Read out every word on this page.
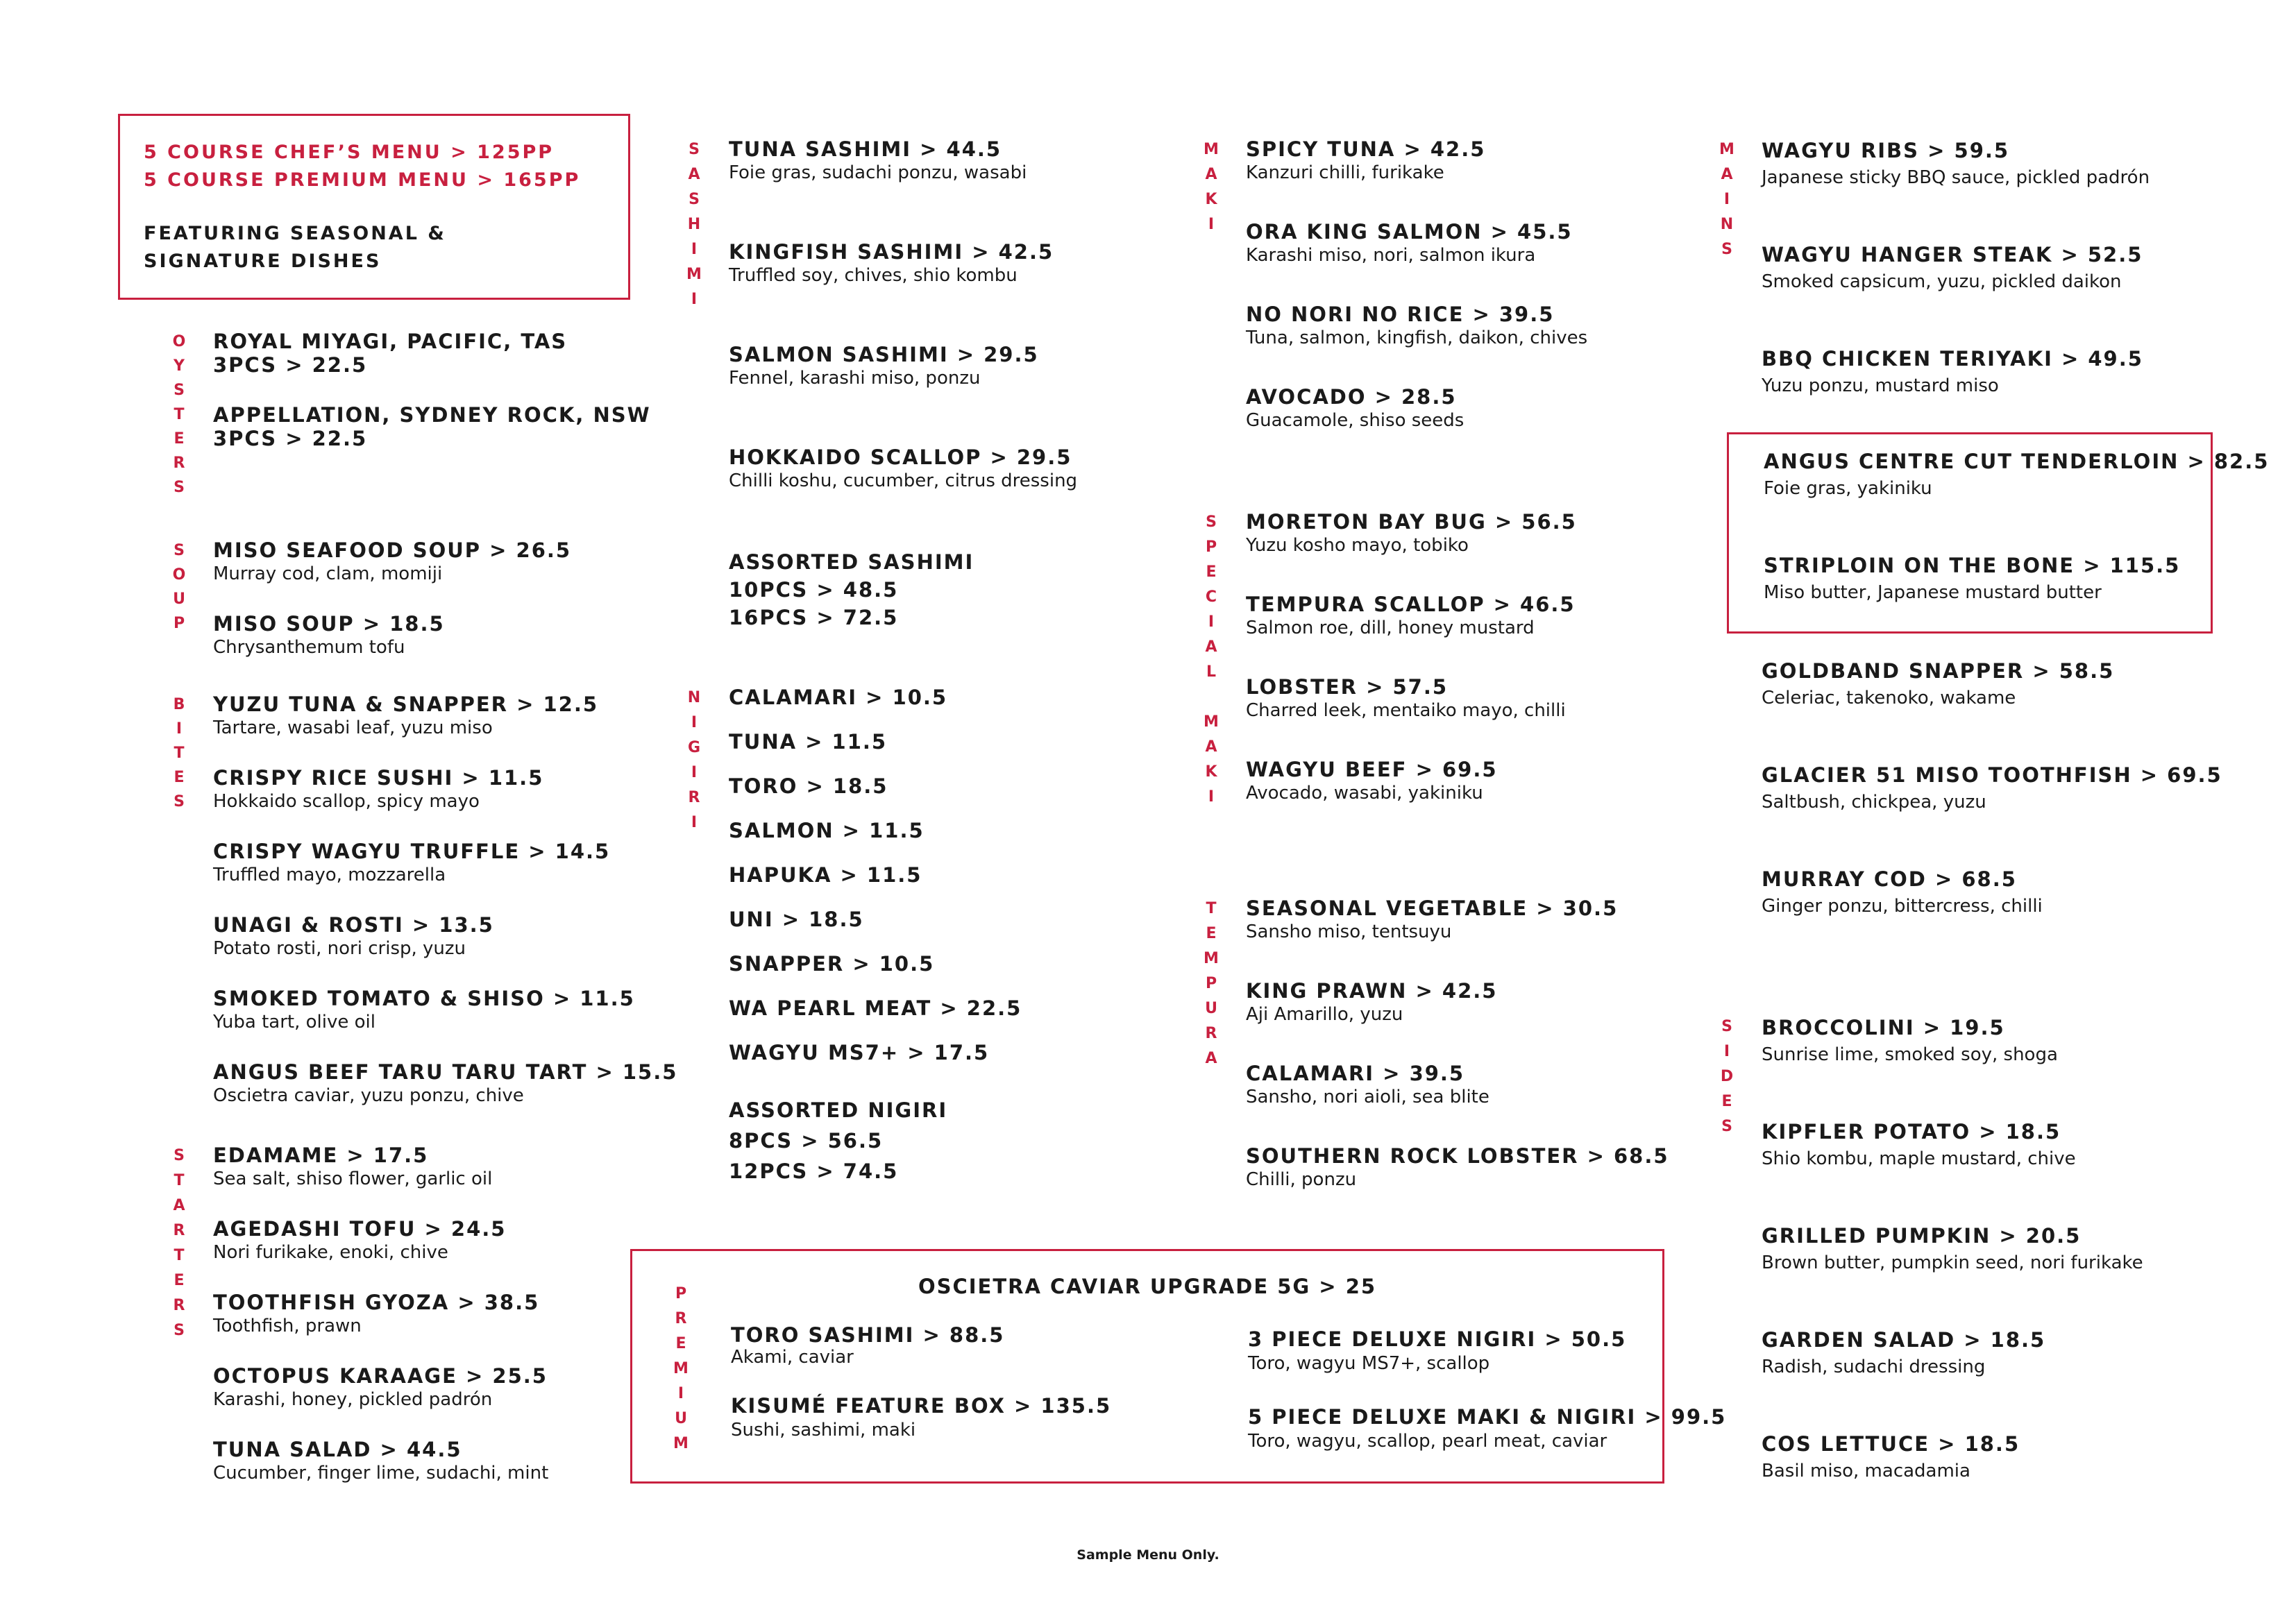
5 COURSE CHEF’S MENU > 125PP
5 COURSE PREMIUM MENU > 165PP
FEATURING SEASONAL &
SIGNATURE DISHES
O
Y
S
T
E
R
S
ROYAL MIYAGI, PACIFIC, TAS
3PCS > 22.5
APPELLATION, SYDNEY ROCK, NSW
3PCS > 22.5
S
O
U
P
MISO SEAFOOD SOUP > 26.5
Murray cod, clam, momiji
MISO SOUP > 18.5
Chrysanthemum tofu
B
I
T
E
S
YUZU TUNA & SNAPPER > 12.5
Tartare, wasabi leaf, yuzu miso
CRISPY RICE SUSHI > 11.5
Hokkaido scallop, spicy mayo
CRISPY WAGYU TRUFFLE > 14.5
Truffled mayo, mozzarella
UNAGI & ROSTI > 13.5
Potato rosti, nori crisp, yuzu
SMOKED TOMATO & SHISO > 11.5
Yuba tart, olive oil
ANGUS BEEF TARU TARU TART > 15.5
Oscietra caviar, yuzu ponzu, chive
S
T
A
R
T
E
R
S
EDAMAME > 17.5
Sea salt, shiso flower, garlic oil
AGEDASHI TOFU > 24.5
Nori furikake, enoki, chive
TOOTHFISH GYOZA > 38.5
Toothfish, prawn
OCTOPUS KARAAGE > 25.5
Karashi, honey, pickled padrón
TUNA SALAD > 44.5
Cucumber, finger lime, sudachi, mint
S
A
S
H
I
M
I
TUNA SASHIMI > 44.5
Foie gras, sudachi ponzu, wasabi
KINGFISH SASHIMI > 42.5
Truffled soy, chives, shio kombu
SALMON SASHIMI > 29.5
Fennel, karashi miso, ponzu
HOKKAIDO SCALLOP > 29.5
Chilli koshu, cucumber, citrus dressing
ASSORTED SASHIMI
10PCS > 48.5
16PCS > 72.5
N
I
G
I
R
I
CALAMARI > 10.5
TUNA > 11.5
TORO > 18.5
SALMON > 11.5
HAPUKA > 11.5
UNI > 18.5
SNAPPER > 10.5
WA PEARL MEAT > 22.5
WAGYU MS7+ > 17.5
ASSORTED NIGIRI
8PCS > 56.5
12PCS > 74.5
M
A
K
I
SPICY TUNA > 42.5
Kanzuri chilli, furikake
ORA KING SALMON > 45.5
Karashi miso, nori, salmon ikura
NO NORI NO RICE > 39.5
Tuna, salmon, kingfish, daikon, chives
AVOCADO > 28.5
Guacamole, shiso seeds
S
P
E
C
I
A
L

M
A
K
I
MORETON BAY BUG > 56.5
Yuzu kosho mayo, tobiko
TEMPURA SCALLOP > 46.5
Salmon roe, dill, honey mustard
LOBSTER > 57.5
Charred leek, mentaiko mayo, chilli
WAGYU BEEF > 69.5
Avocado, wasabi, yakiniku
T
E
M
P
U
R
A
SEASONAL VEGETABLE > 30.5
Sansho miso, tentsuyu
KING PRAWN > 42.5
Aji Amarillo, yuzu
CALAMARI > 39.5
Sansho, nori aioli, sea blite
SOUTHERN ROCK LOBSTER > 68.5
Chilli, ponzu
M
A
I
N
S
WAGYU RIBS > 59.5
Japanese sticky BBQ sauce, pickled padrón
WAGYU HANGER STEAK > 52.5
Smoked capsicum, yuzu, pickled daikon
BBQ CHICKEN TERIYAKI > 49.5
Yuzu ponzu, mustard miso
ANGUS CENTRE CUT TENDERLOIN > 82.5
Foie gras, yakiniku
STRIPLOIN ON THE BONE > 115.5
Miso butter, Japanese mustard butter
GOLDBAND SNAPPER > 58.5
Celeriac, takenoko, wakame
GLACIER 51 MISO TOOTHFISH > 69.5
Saltbush, chickpea, yuzu
MURRAY COD > 68.5
Ginger ponzu, bittercress, chilli
S
I
D
E
S
BROCCOLINI > 19.5
Sunrise lime, smoked soy, shoga
KIPFLER POTATO > 18.5
Shio kombu, maple mustard, chive
GRILLED PUMPKIN > 20.5
Brown butter, pumpkin seed, nori furikake
GARDEN SALAD > 18.5
Radish, sudachi dressing
COS LETTUCE > 18.5
Basil miso, macadamia
OSCIETRA CAVIAR UPGRADE 5G > 25
P
R
E
M
I
U
M
TORO SASHIMI > 88.5
Akami, caviar
KISUMÉ FEATURE BOX > 135.5
Sushi, sashimi, maki
3 PIECE DELUXE NIGIRI > 50.5
Toro, wagyu MS7+, scallop
5 PIECE DELUXE MAKI & NIGIRI > 99.5
Toro, wagyu, scallop, pearl meat, caviar
Sample Menu Only.
